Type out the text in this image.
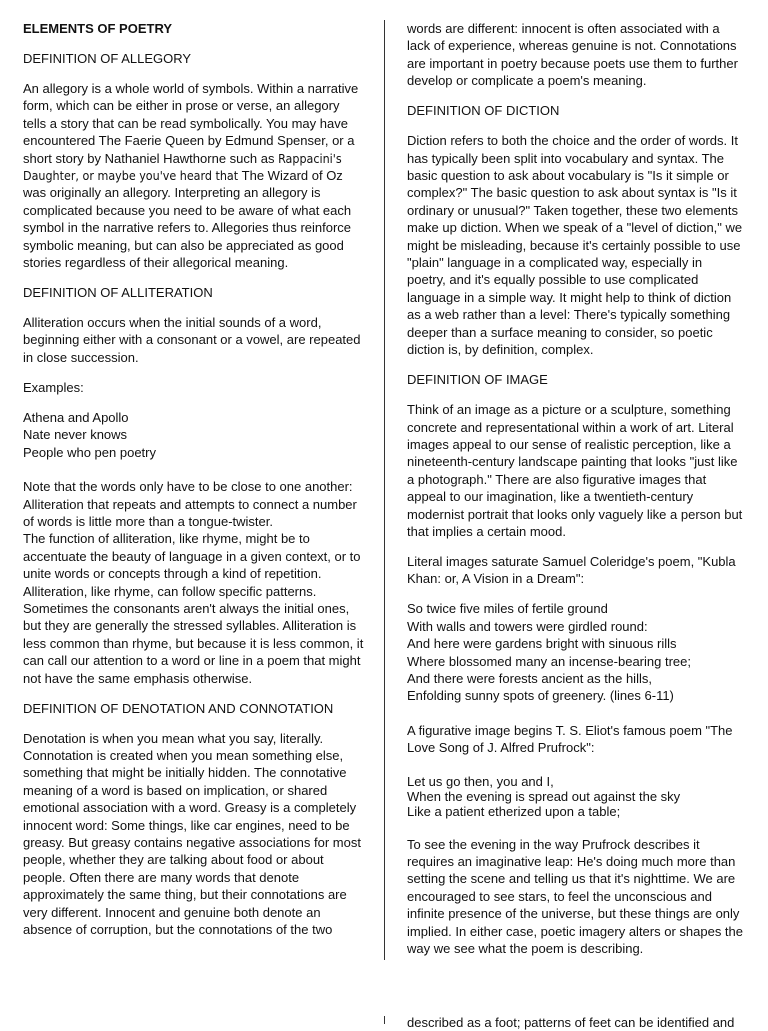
ELEMENTS OF POETRY

DEFINITION OF ALLEGORY

An allegory is a whole world of symbols. Within a narrative form, which can be either in prose or verse, an allegory tells a story that can be read symbolically. You may have encountered The Faerie Queen by Edmund Spenser, or a short story by Nathaniel Hawthorne such as Rappacini's Daughter, or maybe you've heard that The Wizard of Oz was originally an allegory. Interpreting an allegory is complicated because you need to be aware of what each symbol in the narrative refers to. Allegories thus reinforce symbolic meaning, but can also be appreciated as good stories regardless of their allegorical meaning.

DEFINITION OF ALLITERATION

Alliteration occurs when the initial sounds of a word, beginning either with a consonant or a vowel, are repeated in close succession.

Examples:

Athena and Apollo
Nate never knows
People who pen poetry

Note that the words only have to be close to one another: Alliteration that repeats and attempts to connect a number of words is little more than a tongue-twister.

The function of alliteration, like rhyme, might be to accentuate the beauty of language in a given context, or to unite words or concepts through a kind of repetition. Alliteration, like rhyme, can follow specific patterns. Sometimes the consonants aren't always the initial ones, but they are generally the stressed syllables. Alliteration is less common than rhyme, but because it is less common, it can call our attention to a word or line in a poem that might not have the same emphasis otherwise.

DEFINITION OF DENOTATION AND CONNOTATION

Denotation is when you mean what you say, literally. Connotation is created when you mean something else, something that might be initially hidden. The connotative meaning of a word is based on implication, or shared emotional association with a word. Greasy is a completely innocent word: Some things, like car engines, need to be greasy. But greasy contains negative associations for most people, whether they are talking about food or about people. Often there are many words that denote approximately the same thing, but their connotations are very different. Innocent and genuine both denote an absence of corruption, but the connotations of the two

words are different: innocent is often associated with a lack of experience, whereas genuine is not. Connotations are important in poetry because poets use them to further develop or complicate a poem's meaning.

DEFINITION OF DICTION

Diction refers to both the choice and the order of words. It has typically been split into vocabulary and syntax. The basic question to ask about vocabulary is "Is it simple or complex?" The basic question to ask about syntax is "Is it ordinary or unusual?" Taken together, these two elements make up diction. When we speak of a "level of diction," we might be misleading, because it's certainly possible to use "plain" language in a complicated way, especially in poetry, and it's equally possible to use complicated language in a simple way. It might help to think of diction as a web rather than a level: There's typically something deeper than a surface meaning to consider, so poetic diction is, by definition, complex.

DEFINITION OF IMAGE

Think of an image as a picture or a sculpture, something concrete and representational within a work of art. Literal images appeal to our sense of realistic perception, like a nineteenth-century landscape painting that looks "just like a photograph." There are also figurative images that appeal to our imagination, like a twentieth-century modernist portrait that looks only vaguely like a person but that implies a certain mood.

Literal images saturate Samuel Coleridge's poem, "Kubla Khan: or, A Vision in a Dream":

So twice five miles of fertile ground
With walls and towers were girdled round:
And here were gardens bright with sinuous rills
Where blossomed many an incense-bearing tree;
And there were forests ancient as the hills,
Enfolding sunny spots of greenery. (lines 6-11)

A figurative image begins T. S. Eliot's famous poem "The Love Song of J. Alfred Prufrock":

Let us go then, you and I,
When the evening is spread out against the sky
Like a patient etherized upon a table;

To see the evening in the way Prufrock describes it requires an imaginative leap: He's doing much more than setting the scene and telling us that it's nighttime. We are encouraged to see stars, to feel the unconscious and infinite presence of the universe, but these things are only implied. In either case, poetic imagery alters or shapes the way we see what the poem is describing.

described as a foot; patterns of feet can be identified and
